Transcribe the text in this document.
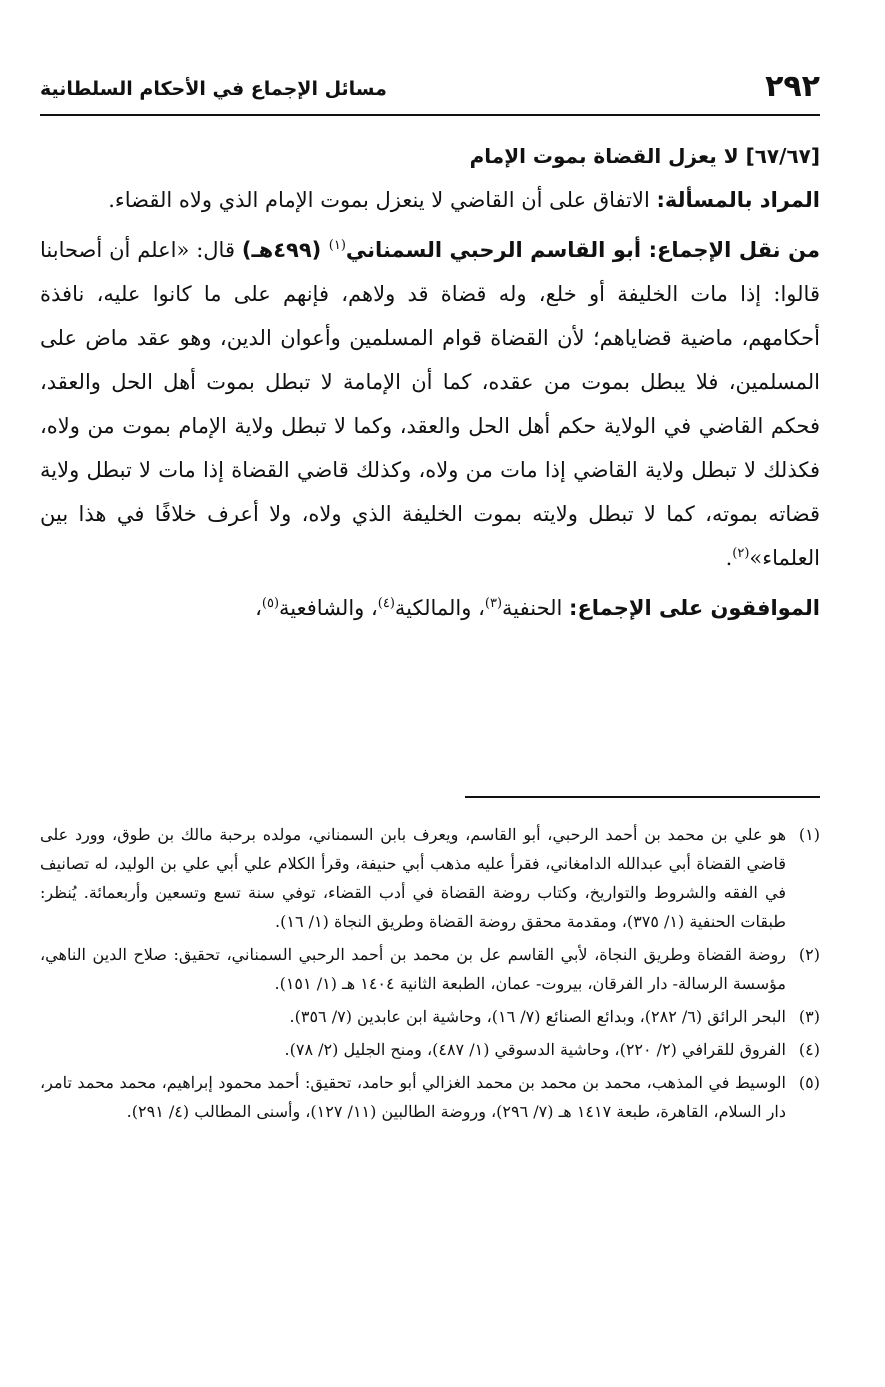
٢٩٢
مسائل الإجماع في الأحكام السلطانية
[٦٧/٦٧] لا يعزل القضاة بموت الإمام

المراد بالمسألة: الاتفاق على أن القاضي لا ينعزل بموت الإمام الذي ولاه القضاء.

من نقل الإجماع: أبو القاسم الرحبي السمناني$^{(١)}$ (٤٩٩هـ) قال: «اعلم أن أصحابنا قالوا: إذا مات الخليفة أو خلع، وله قضاة قد ولاهم، فإنهم على ما كانوا عليه، نافذة أحكامهم، ماضية قضاياهم؛ لأن القضاة قوام المسلمين وأعوان الدين، وهو عقد ماض على المسلمين، فلا يبطل بموت من عقده، كما أن الإمامة لا تبطل بموت أهل الحل والعقد، فحكم القاضي في الولاية حكم أهل الحل والعقد، وكما لا تبطل ولاية الإمام بموت من ولاه، فكذلك لا تبطل ولاية القاضي إذا مات من ولاه، وكذلك قاضي القضاة إذا مات لا تبطل ولاية قضاته بموته، كما لا تبطل ولايته بموت الخليفة الذي ولاه، ولا أعرف خلافًا في هذا بين العلماء»$^{(٢)}$.

الموافقون على الإجماع: الحنفية$^{(٣)}$، والمالكية$^{(٤)}$، والشافعية$^{(٥)}$،

(١)
هو علي بن محمد بن أحمد الرحبي، أبو القاسم، ويعرف بابن السمناني، مولده برحبة مالك بن طوق، وورد على قاضي القضاة أبي عبدالله الدامغاني، فقرأ عليه مذهب أبي حنيفة، وقرأ الكلام علي أبي علي بن الوليد، له تصانيف في الفقه والشروط والتواريخ، وكتاب روضة القضاة في أدب القضاء، توفي سنة تسع وتسعين وأربعمائة. يُنظر: طبقات الحنفية (١/ ٣٧٥)، ومقدمة محقق روضة القضاة وطريق النجاة (١/ ١٦).
(٢)
روضة القضاة وطريق النجاة، لأبي القاسم عل بن محمد بن أحمد الرحبي السمناني، تحقيق: صلاح الدين الناهي، مؤسسة الرسالة- دار الفرقان، بيروت- عمان، الطبعة الثانية ١٤٠٤ هـ (١/ ١٥١).
(٣)
البحر الرائق (٦/ ٢٨٢)، وبدائع الصنائع (٧/ ١٦)، وحاشية ابن عابدين (٧/ ٣٥٦).
(٤)
الفروق للقرافي (٢/ ٢٢٠)، وحاشية الدسوقي (١/ ٤٨٧)، ومنح الجليل (٢/ ٧٨).
(٥)
الوسيط في المذهب، محمد بن محمد بن محمد الغزالي أبو حامد، تحقيق: أحمد محمود إبراهيم، محمد محمد تامر، دار السلام، القاهرة، طبعة ١٤١٧ هـ (٧/ ٢٩٦)، وروضة الطالبين (١١/ ١٢٧)، وأسنى المطالب (٤/ ٢٩١).
